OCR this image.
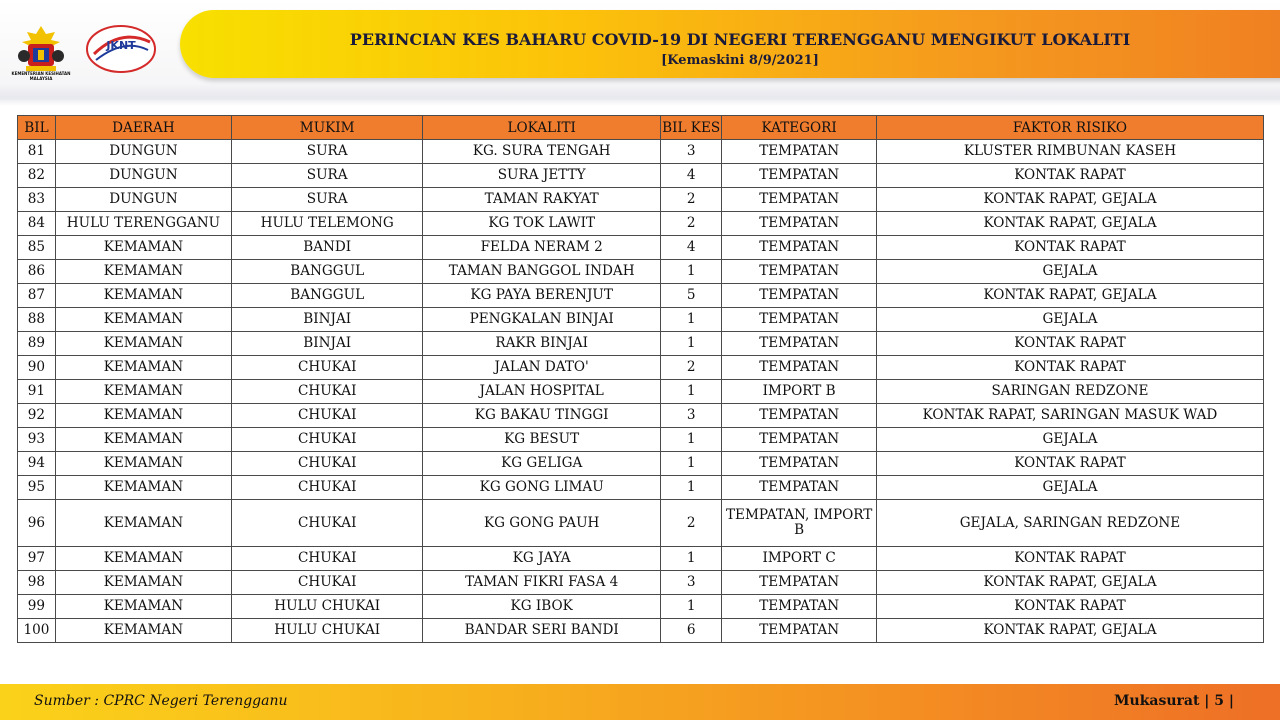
PERINCIAN KES BAHARU COVID-19 DI NEGERI TERENGGANU MENGIKUT LOKALITI
[Kemaskini 8/9/2021]
KEMENTERIAN KESIHATAN MALAYSIA
JKNT
BIL	DAERAH	MUKIM	LOKALITI	BIL KES	KATEGORI	FAKTOR RISIKO
81	DUNGUN	SURA	KG. SURA TENGAH	3	TEMPATAN	KLUSTER RIMBUNAN KASEH
82	DUNGUN	SURA	SURA JETTY	4	TEMPATAN	KONTAK RAPAT
83	DUNGUN	SURA	TAMAN RAKYAT	2	TEMPATAN	KONTAK RAPAT, GEJALA
84	HULU TERENGGANU	HULU TELEMONG	KG TOK LAWIT	2	TEMPATAN	KONTAK RAPAT, GEJALA
85	KEMAMAN	BANDI	FELDA NERAM 2	4	TEMPATAN	KONTAK RAPAT
86	KEMAMAN	BANGGUL	TAMAN BANGGOL INDAH	1	TEMPATAN	GEJALA
87	KEMAMAN	BANGGUL	KG PAYA BERENJUT	5	TEMPATAN	KONTAK RAPAT, GEJALA
88	KEMAMAN	BINJAI	PENGKALAN BINJAI	1	TEMPATAN	GEJALA
89	KEMAMAN	BINJAI	RAKR BINJAI	1	TEMPATAN	KONTAK RAPAT
90	KEMAMAN	CHUKAI	JALAN DATO'	2	TEMPATAN	KONTAK RAPAT
91	KEMAMAN	CHUKAI	JALAN HOSPITAL	1	IMPORT B	SARINGAN REDZONE
92	KEMAMAN	CHUKAI	KG BAKAU TINGGI	3	TEMPATAN	KONTAK RAPAT, SARINGAN MASUK WAD
93	KEMAMAN	CHUKAI	KG BESUT	1	TEMPATAN	GEJALA
94	KEMAMAN	CHUKAI	KG GELIGA	1	TEMPATAN	KONTAK RAPAT
95	KEMAMAN	CHUKAI	KG GONG LIMAU	1	TEMPATAN	GEJALA
96	KEMAMAN	CHUKAI	KG GONG PAUH	2	TEMPATAN, IMPORT B	GEJALA, SARINGAN REDZONE
97	KEMAMAN	CHUKAI	KG JAYA	1	IMPORT C	KONTAK RAPAT
98	KEMAMAN	CHUKAI	TAMAN FIKRI FASA 4	3	TEMPATAN	KONTAK RAPAT, GEJALA
99	KEMAMAN	HULU CHUKAI	KG IBOK	1	TEMPATAN	KONTAK RAPAT
100	KEMAMAN	HULU CHUKAI	BANDAR SERI BANDI	6	TEMPATAN	KONTAK RAPAT, GEJALA
Sumber : CPRC Negeri Terengganu	Mukasurat | 5 |
